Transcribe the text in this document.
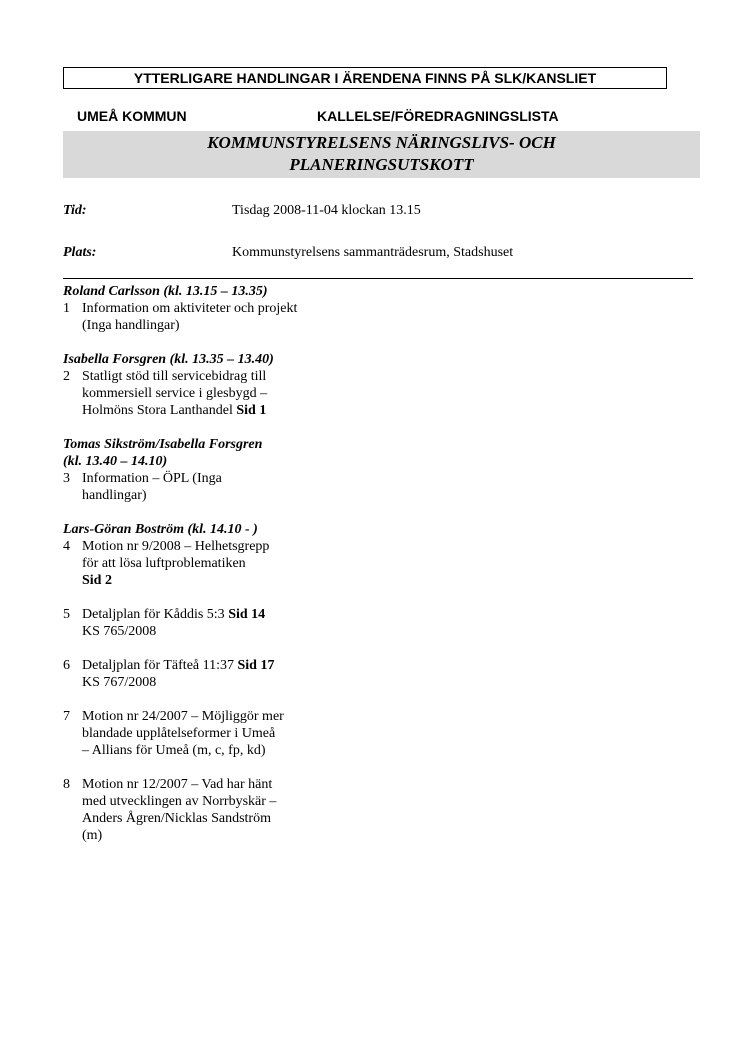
YTTERLIGARE HANDLINGAR I ÄRENDENA FINNS PÅ SLK/KANSLIET
UMEÅ KOMMUN	KALLELSE/FÖREDRAGNINGSLISTA
KOMMUNSTYRELSENS NÄRINGSLIVS- OCH
PLANERINGSUTSKOTT
Tid:	Tisdag 2008-11-04 klockan 13.15
Plats:	Kommunstyrelsens sammanträdesrum, Stadshuset
Roland Carlsson (kl. 13.15 – 13.35)
1 Information om aktiviteter och projekt
(Inga handlingar)
Isabella Forsgren (kl. 13.35 – 13.40)
2 Statligt stöd till servicebidrag till
kommersiell service i glesbygd –
Holmöns Stora Lanthandel Sid 1
Tomas Sikström/Isabella Forsgren
(kl. 13.40 – 14.10)
3 Information – ÖPL (Inga
handlingar)
Lars-Göran Boström (kl. 14.10 - )
4 Motion nr 9/2008 – Helhetsgrepp
för att lösa luftproblematiken
Sid 2
5 Detaljplan för Kåddis 5:3 Sid 14
KS 765/2008
6 Detaljplan för Täfteå 11:37 Sid 17
KS 767/2008
7 Motion nr 24/2007 – Möjliggör mer
blandade upplåtelseformer i Umeå
– Allians för Umeå (m, c, fp, kd)
8 Motion nr 12/2007 – Vad har hänt
med utvecklingen av Norrbyskär –
Anders Ågren/Nicklas Sandström
(m)
